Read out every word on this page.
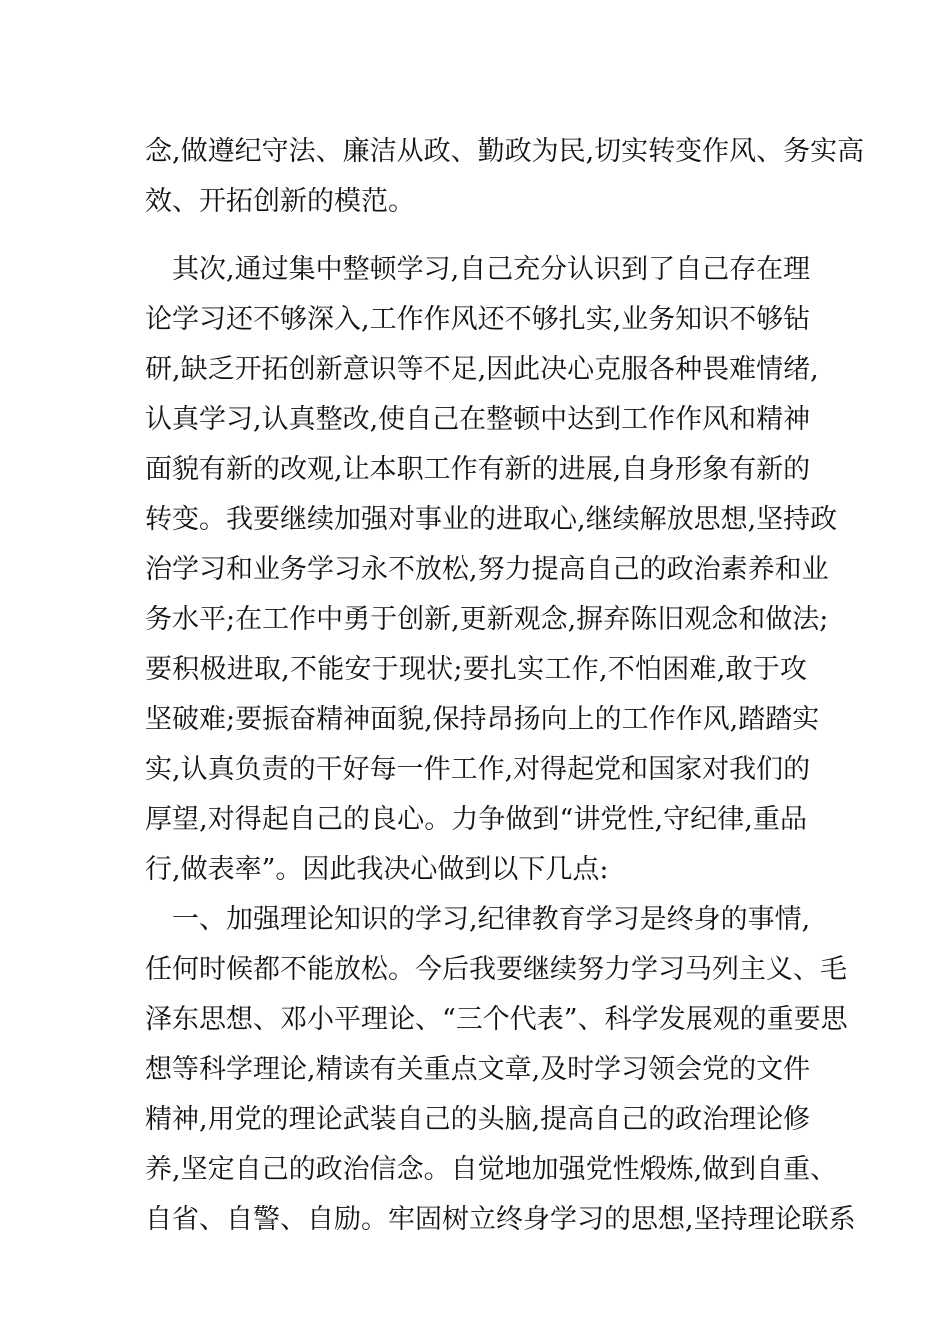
念,做遵纪守法、廉洁从政、勤政为民,切实转变作风、务实高
效、开拓创新的模范。
　其次,通过集中整顿学习,自己充分认识到了自己存在理
论学习还不够深入,工作作风还不够扎实,业务知识不够钻
研,缺乏开拓创新意识等不足,因此决心克服各种畏难情绪,
认真学习,认真整改,使自己在整顿中达到工作作风和精神
面貌有新的改观,让本职工作有新的进展,自身形象有新的
转变。我要继续加强对事业的进取心,继续解放思想,坚持政
治学习和业务学习永不放松,努力提高自己的政治素养和业
务水平;在工作中勇于创新,更新观念,摒弃陈旧观念和做法;
要积极进取,不能安于现状;要扎实工作,不怕困难,敢于攻
坚破难;要振奋精神面貌,保持昂扬向上的工作作风,踏踏实
实,认真负责的干好每一件工作,对得起党和国家对我们的
厚望,对得起自己的良心。力争做到“讲党性,守纪律,重品
行,做表率”。因此我决心做到以下几点:
　一、加强理论知识的学习,纪律教育学习是终身的事情,
任何时候都不能放松。今后我要继续努力学习马列主义、毛
泽东思想、邓小平理论、“三个代表”、科学发展观的重要思
想等科学理论,精读有关重点文章,及时学习领会党的文件
精神,用党的理论武装自己的头脑,提高自己的政治理论修
养,坚定自己的政治信念。自觉地加强党性煅炼,做到自重、
自省、自警、自励。牢固树立终身学习的思想,坚持理论联系
